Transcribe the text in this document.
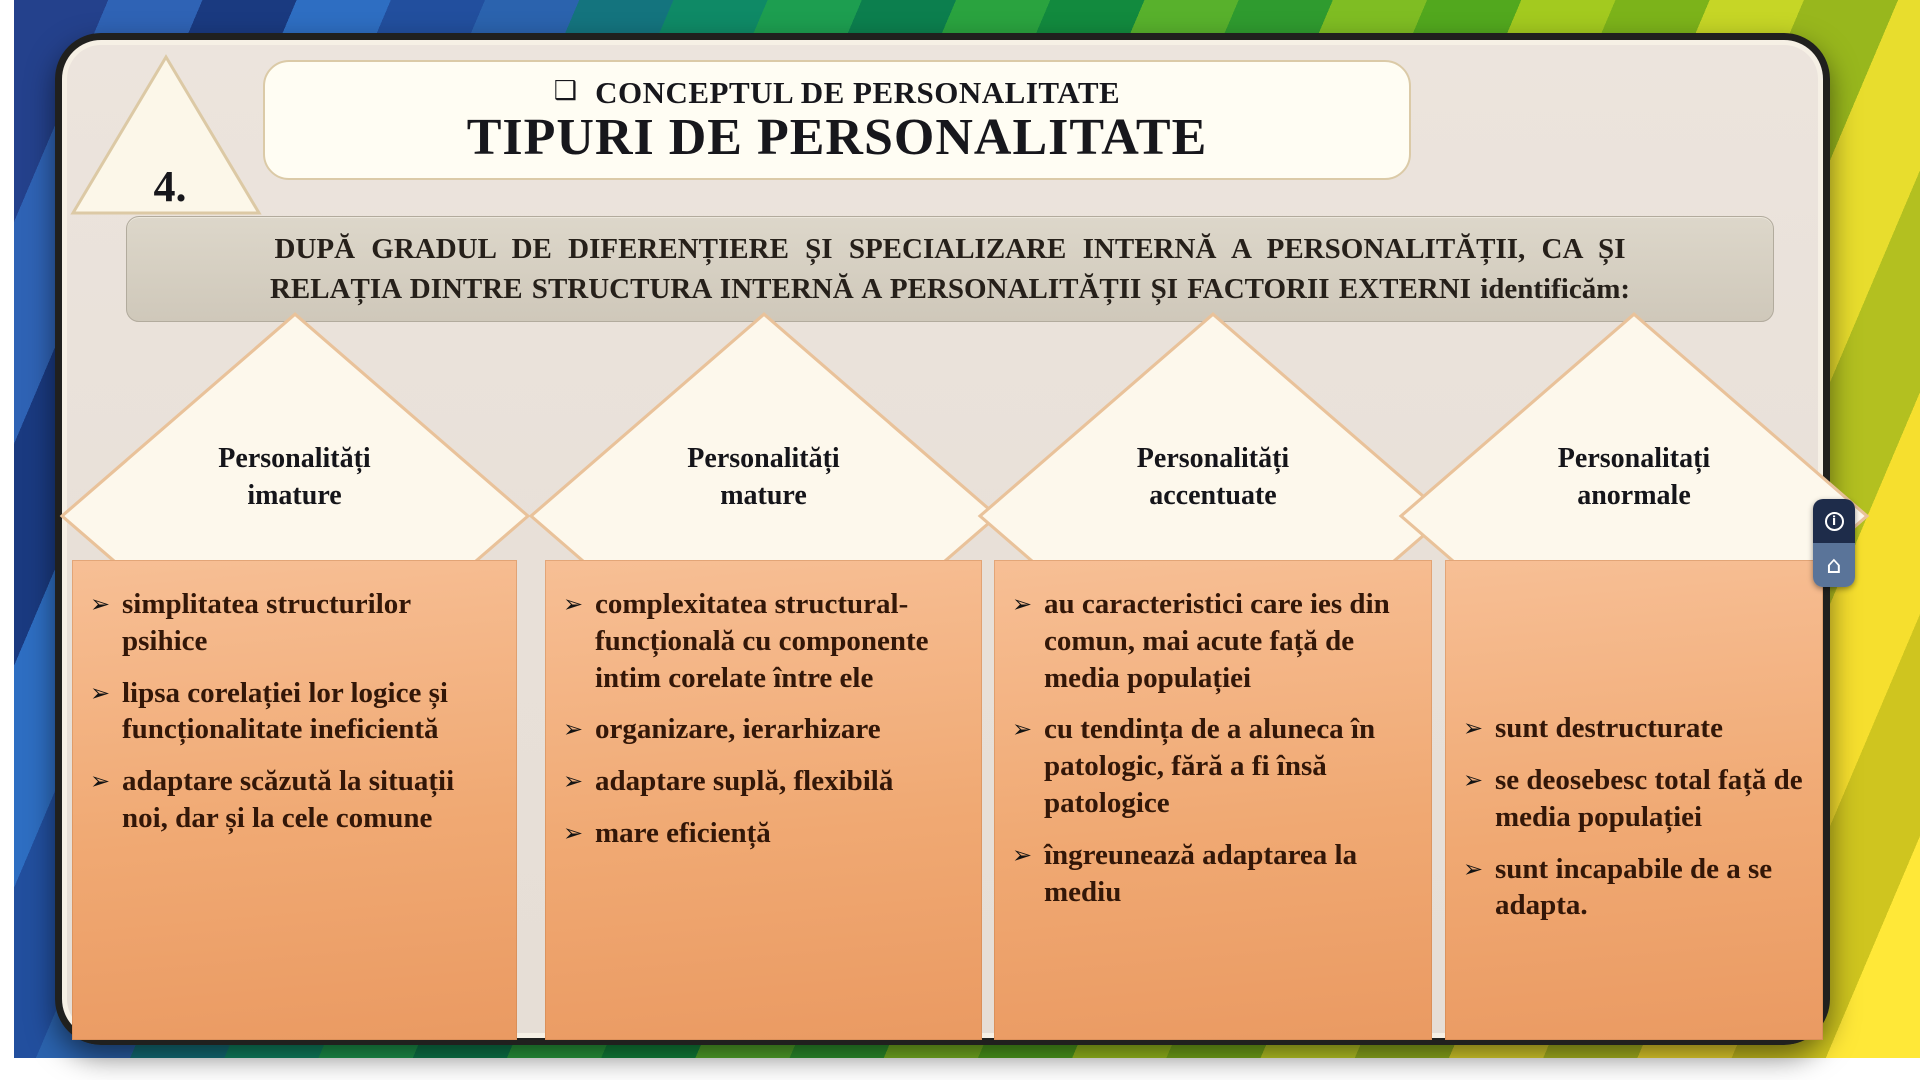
4.
❑ CONCEPTUL DE PERSONALITATE
TIPURI DE PERSONALITATE
DUPĂ GRADUL DE DIFERENȚIERE ȘI SPECIALIZARE INTERNĂ A PERSONALITĂȚII, CA ȘI
RELAȚIA DINTRE STRUCTURA INTERNĂ A PERSONALITĂȚII ȘI FACTORII EXTERNI identificăm:
Personalități
imature
➢ simplitatea structurilor psihice
➢ lipsa corelației lor logice și funcționalitate ineficientă
➢ adaptare scăzută la situații noi, dar și la cele comune
Personalități
mature
➢ complexitatea structural-funcțională cu componente intim corelate între ele
➢ organizare, ierarhizare
➢ adaptare suplă, flexibilă
➢ mare eficiență
Personalități
accentuate
➢ au caracteristici care ies din comun, mai acute față de media populației
➢ cu tendința de a aluneca în patologic, fără a fi însă patologice
➢ îngreunează adaptarea la mediu
Personalitați
anormale
➢ sunt destructurate
➢ se deosebesc total față de media populației
➢ sunt incapabile de a se adapta.
i
⌂
